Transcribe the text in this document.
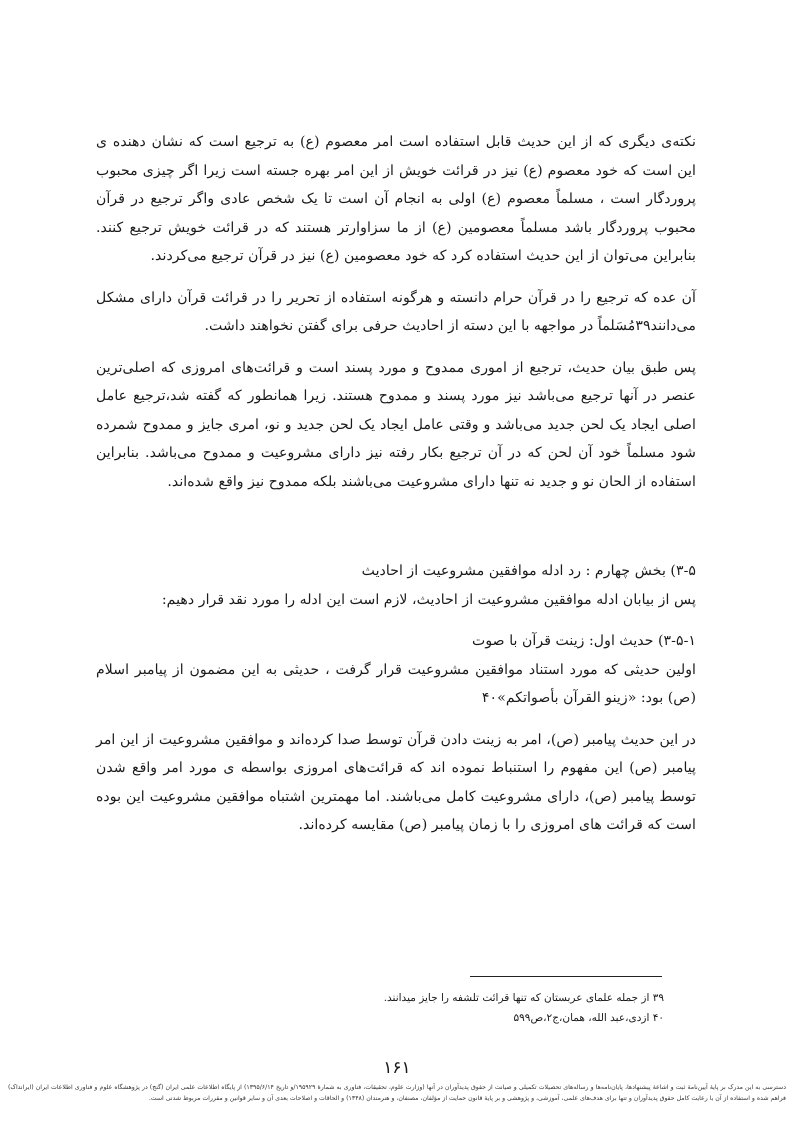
نکته‌ی دیگری که از این حدیث قابل استفاده است امر معصوم (ع) به ترجیع است که نشان دهنده ی این است که خود معصوم (ع) نیز در قرائت خویش از این امر بهره جسته است زیرا اگر چیزی محبوب پروردگار است ، مسلماً معصوم (ع) اولی به انجام آن است تا یک شخص عادی واگر ترجیع در قرآن محبوب پروردگار باشد مسلماً معصومین (ع) از ما سزاوارتر هستند که در قرائت خویش ترجیع کنند. بنابراین می‌توان از این حدیث استفاده کرد که خود معصومین (ع) نیز در قرآن ترجیع می‌کردند.

آن عده که ترجیع را در قرآن حرام دانسته و هرگونه استفاده از تحریر را در قرائت قرآن دارای مشکل می‌دانند۳۹مُسَلماً در مواجهه با این دسته از احادیث حرفی برای گفتن نخواهند داشت.

پس طبق بیان حدیث، ترجیع از اموری ممدوح و مورد پسند است و قرائت‌های امروزی که اصلی‌ترین عنصر در آنها ترجیع می‌باشد نیز مورد پسند و ممدوح هستند. زیرا همانطور که گفته شد،ترجیع عامل اصلی ایجاد یک لحن جدید می‌باشد و وقتی عامل ایجاد یک لحن جدید و نو، امری جایز و ممدوح شمرده شود مسلماً خود آن لحن که در آن ترجیع بکار رفته نیز دارای مشروعیت و ممدوح می‌باشد. بنابراین استفاده از الحان نو و جدید نه تنها دارای مشروعیت می‌باشند بلکه ممدوح نیز واقع شده‌اند.

۳-۵) بخش چهارم : رد ادله موافقین مشروعیت از احادیث

پس از بیابان ادله موافقین مشروعیت از احادیث، لازم است این ادله را مورد نقد قرار دهیم:

۳-۵-۱) حدیث اول: زینت قرآن با صوت

اولین حدیثی که مورد استناد موافقین مشروعیت قرار گرفت ، حدیثی به این مضمون از پیامبر اسلام (ص) بود: «زینو القرآن بأصواتکم»۴۰

در این حدیث پیامبر (ص)، امر به زینت دادن قرآن توسط صدا کرده‌اند و موافقین مشروعیت از این امر پیامبر (ص) این مفهوم را استنباط نموده اند که قرائت‌های امروزی بواسطه ی مورد امر واقع شدن توسط پیامبر (ص)، دارای مشروعیت کامل می‌باشند. اما مهمترین اشتباه موافقین مشروعیت این بوده است که قرائت های امروزی را با زمان پیامبر (ص) مقایسه کرده‌اند.

۳۹ از جمله علمای عربستان که تنها قرائت تلشفه را جایز میدانند.
۴۰ ازدی،عبد الله، همان،ج۲،ص۵۹۹
۱۶۱
دسترسی به این مدرک بر پایهٔ آیین‌نامهٔ ثبت و اشاعهٔ پیشنهادها، پایان‌نامه‌ها و رساله‌های تحصیلات تکمیلی و صیانت از حقوق پدیدآوران در آنها (وزارت علوم، تحقیقات، فناوری به شمارهٔ ۱۹۵۹۲۹/و تاریخ ۱۳۹۵/۶/۱۴) از پایگاه اطلاعات علمی ایران (گنج) در پژوهشگاه علوم و فناوری اطلاعات ایران (ایرانداک) فراهم شده و استفاده از آن با رعایت کامل حقوق پدیدآوران و تنها برای هدف‌های علمی، آموزشی، و پژوهشی و بر پایهٔ قانون حمایت از مؤلفان، مصنفان، و هنرمندان (۱۳۴۸) و الحاقات و اصلاحات بعدی آن و سایر قوانین و مقررات مربوط شدنی است.
